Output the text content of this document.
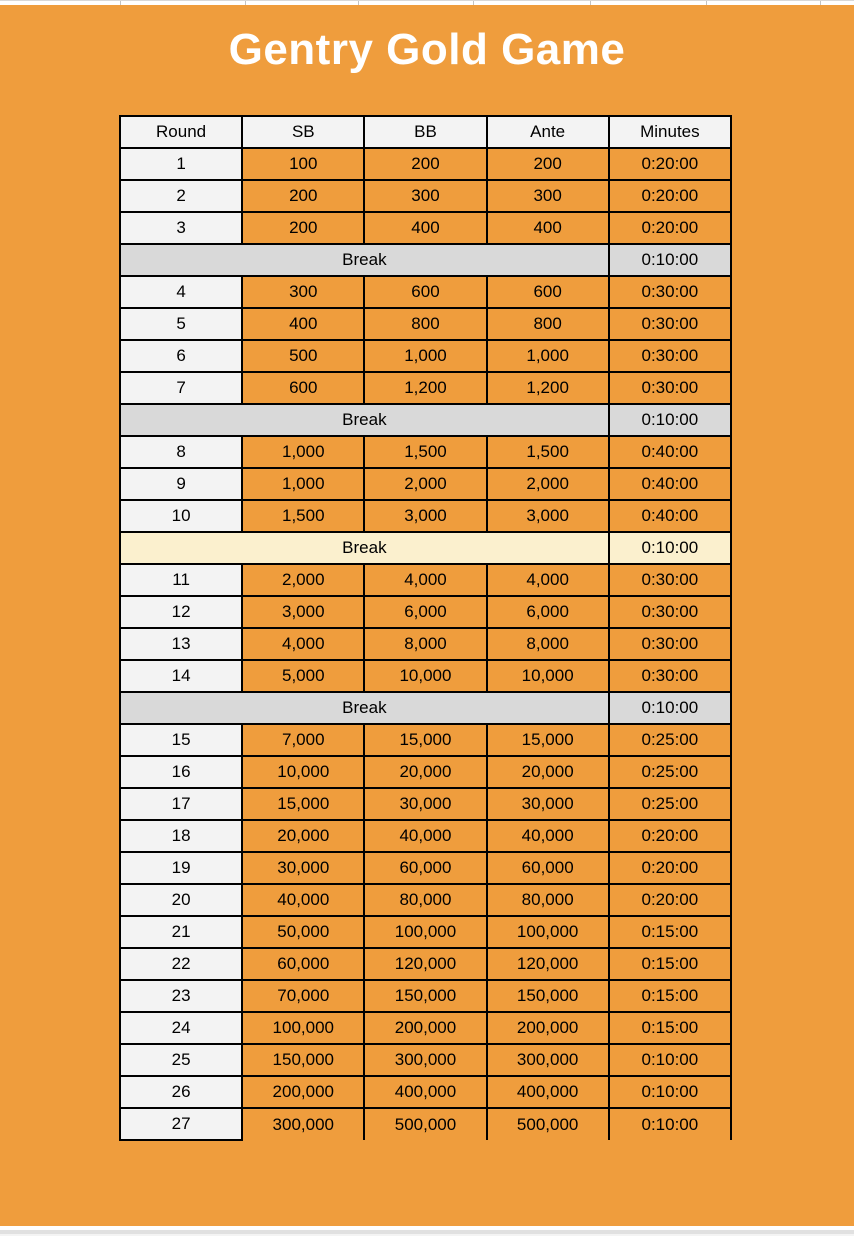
Gentry Gold Game
Round	SB	BB	Ante	Minutes
1	100	200	200	0:20:00
2	200	300	300	0:20:00
3	200	400	400	0:20:00
Break				0:10:00
4	300	600	600	0:30:00
5	400	800	800	0:30:00
6	500	1,000	1,000	0:30:00
7	600	1,200	1,200	0:30:00
Break				0:10:00
8	1,000	1,500	1,500	0:40:00
9	1,000	2,000	2,000	0:40:00
10	1,500	3,000	3,000	0:40:00
Break				0:10:00
11	2,000	4,000	4,000	0:30:00
12	3,000	6,000	6,000	0:30:00
13	4,000	8,000	8,000	0:30:00
14	5,000	10,000	10,000	0:30:00
Break				0:10:00
15	7,000	15,000	15,000	0:25:00
16	10,000	20,000	20,000	0:25:00
17	15,000	30,000	30,000	0:25:00
18	20,000	40,000	40,000	0:20:00
19	30,000	60,000	60,000	0:20:00
20	40,000	80,000	80,000	0:20:00
21	50,000	100,000	100,000	0:15:00
22	60,000	120,000	120,000	0:15:00
23	70,000	150,000	150,000	0:15:00
24	100,000	200,000	200,000	0:15:00
25	150,000	300,000	300,000	0:10:00
26	200,000	400,000	400,000	0:10:00
27	300,000	500,000	500,000	0:10:00
